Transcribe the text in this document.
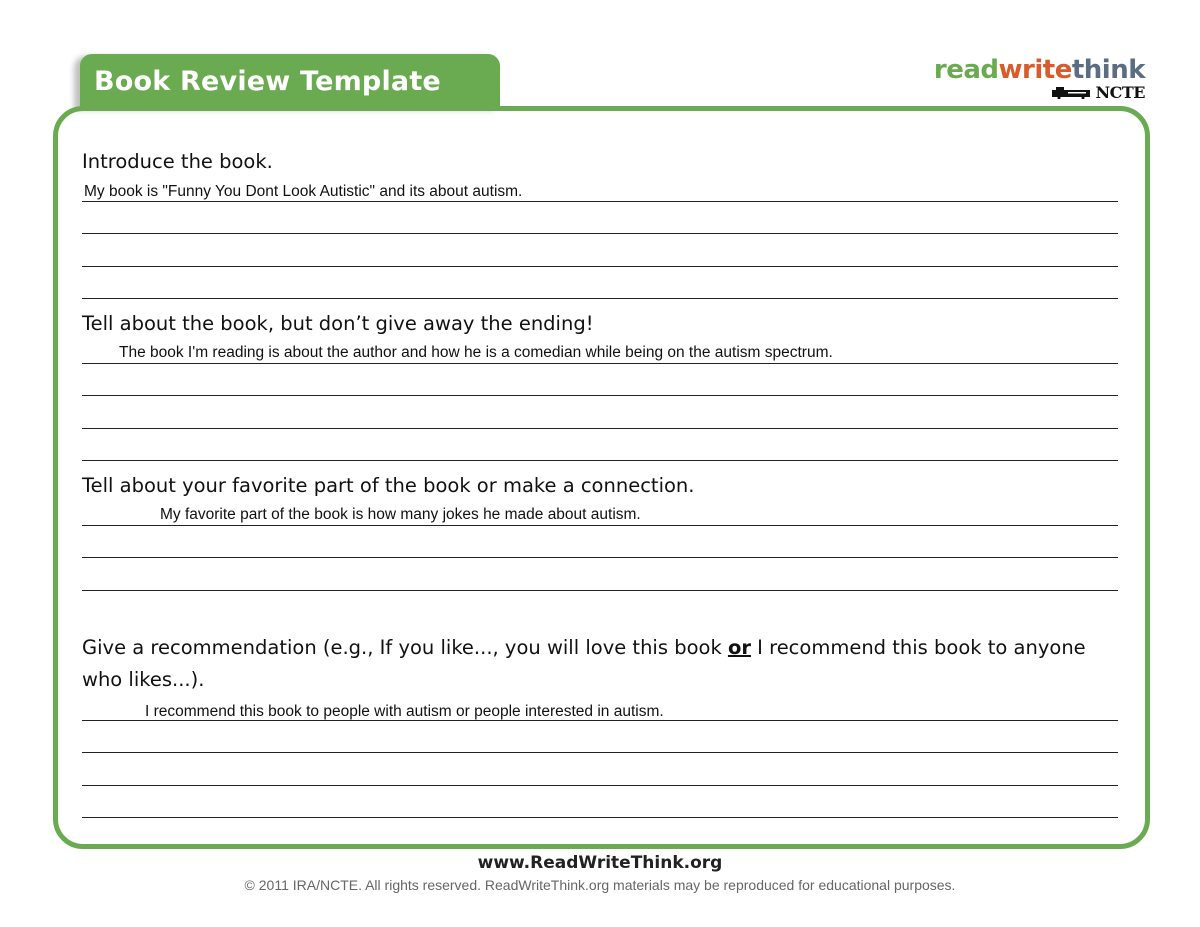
Book Review Template	readwritethink
NCTE

Introduce the book.

My book is "Funny You Dont Look Autistic" and its about autism.

Tell about the book, but don’t give away the ending!

The book I'm reading is about the author and how he is a comedian while being on the autism spectrum.

Tell about your favorite part of the book or make a connection.

My favorite part of the book is how many jokes he made about autism.

Give a recommendation (e.g., If you like..., you will love this book or I recommend this book to anyone who likes...).

I recommend this book to people with autism or people interested in autism.
www.ReadWriteThink.org
© 2011 IRA/NCTE. All rights reserved. ReadWriteThink.org materials may be reproduced for educational purposes.
